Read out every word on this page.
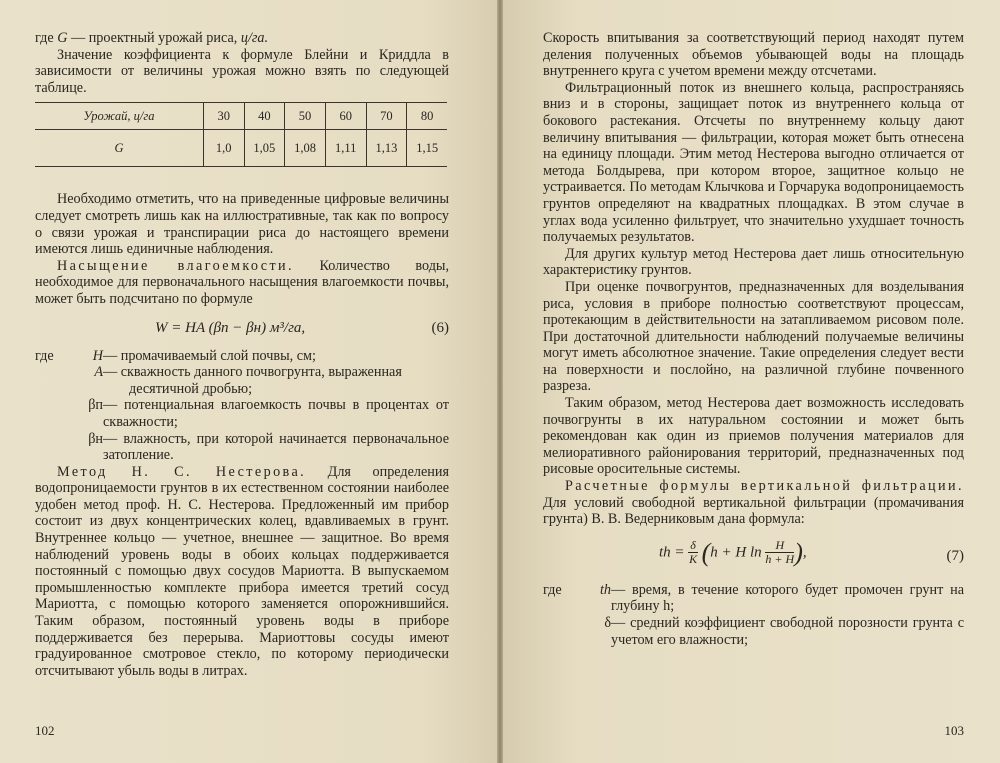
где G — проектный урожай риса, ц/га.

Значение коэффициента к формуле Блейни и Криддла в зависимости от величины урожая можно взять по следующей таблице.

Урожай, ц/га	30	40	50	60	70	80
G	1,0	1,05	1,08	1,11	1,13	1,15

Необходимо отметить, что на приведенные цифровые величины следует смотреть лишь как на иллюстративные, так как по вопросу о связи урожая и транспирации риса до настоящего времени имеются лишь единичные наблюдения.

Насыщение влагоемкости. Количество воды, необходимое для первоначального насыщения влагоемкости почвы, может быть подсчитано по формуле

W = HA (βп − βн) м³/га,	(6)
где	H — промачиваемый слой почвы, см;
A — скважность данного почвогрунта, выраженная
десятичной дробью;
βп — потенциальная влагоемкость почвы в процентах от скважности;
βн — влажность, при которой начинается первоначальное затопление.

Метод Н. С. Нестерова. Для определения водопроницаемости грунтов в их естественном состоянии наиболее удобен метод проф. Н. С. Нестерова. Предложенный им прибор состоит из двух концентрических колец, вдавливаемых в грунт. Внутреннее кольцо — учетное, внешнее — защитное. Во время наблюдений уровень воды в обоих кольцах поддерживается постоянный с помощью двух сосудов Мариотта. В выпускаемом промышленностью комплекте прибора имеется третий сосуд Мариотта, с помощью которого заменяется опорожнившийся. Таким образом, постоянный уровень воды в приборе поддерживается без перерыва. Мариоттовы сосуды имеют градуированное смотровое стекло, по которому периодически отсчитывают убыль воды в литрах.

102

Скорость впитывания за соответствующий период находят путем деления полученных объемов убывающей воды на площадь внутреннего круга с учетом времени между отсчетами.

Фильтрационный поток из внешнего кольца, распространяясь вниз и в стороны, защищает поток из внутреннего кольца от бокового растекания. Отсчеты по внутреннему кольцу дают величину впитывания — фильтрации, которая может быть отнесена на единицу площади. Этим метод Нестерова выгодно отличается от метода Болдырева, при котором второе, защитное кольцо не устраивается. По методам Клычкова и Горчарука водопроницаемость грунтов определяют на квадратных площадках. В этом случае в углах вода усиленно фильтрует, что значительно ухудшает точность получаемых результатов.

Для других культур метод Нестерова дает лишь относительную характеристику грунтов.

При оценке почвогрунтов, предназначенных для возделывания риса, условия в приборе полностью соответствуют процессам, протекающим в действительности на затапливаемом рисовом поле. При достаточной длительности наблюдений получаемые величины могут иметь абсолютное значение. Такие определения следует вести на поверхности и послойно, на различной глубине почвенного разреза.

Таким образом, метод Нестерова дает возможность исследовать почвогрунты в их натуральном состоянии и может быть рекомендован как один из приемов получения материалов для мелиоративного районирования территорий, предназначенных под рисовые оросительные системы.

Расчетные формулы вертикальной фильтрации. Для условий свободной вертикальной фильтрации (промачивания грунта) В. В. Ведерниковым дана формула:

th = $\frac{\delta}{K} (h + H$ $\ln \frac{H}{h + H}$ ),	(7)
где	th — время, в течение которого будет промочен грунт на глубину h;
δ — средний коэффициент свободной порозности грунта с учетом его влажности;
103
